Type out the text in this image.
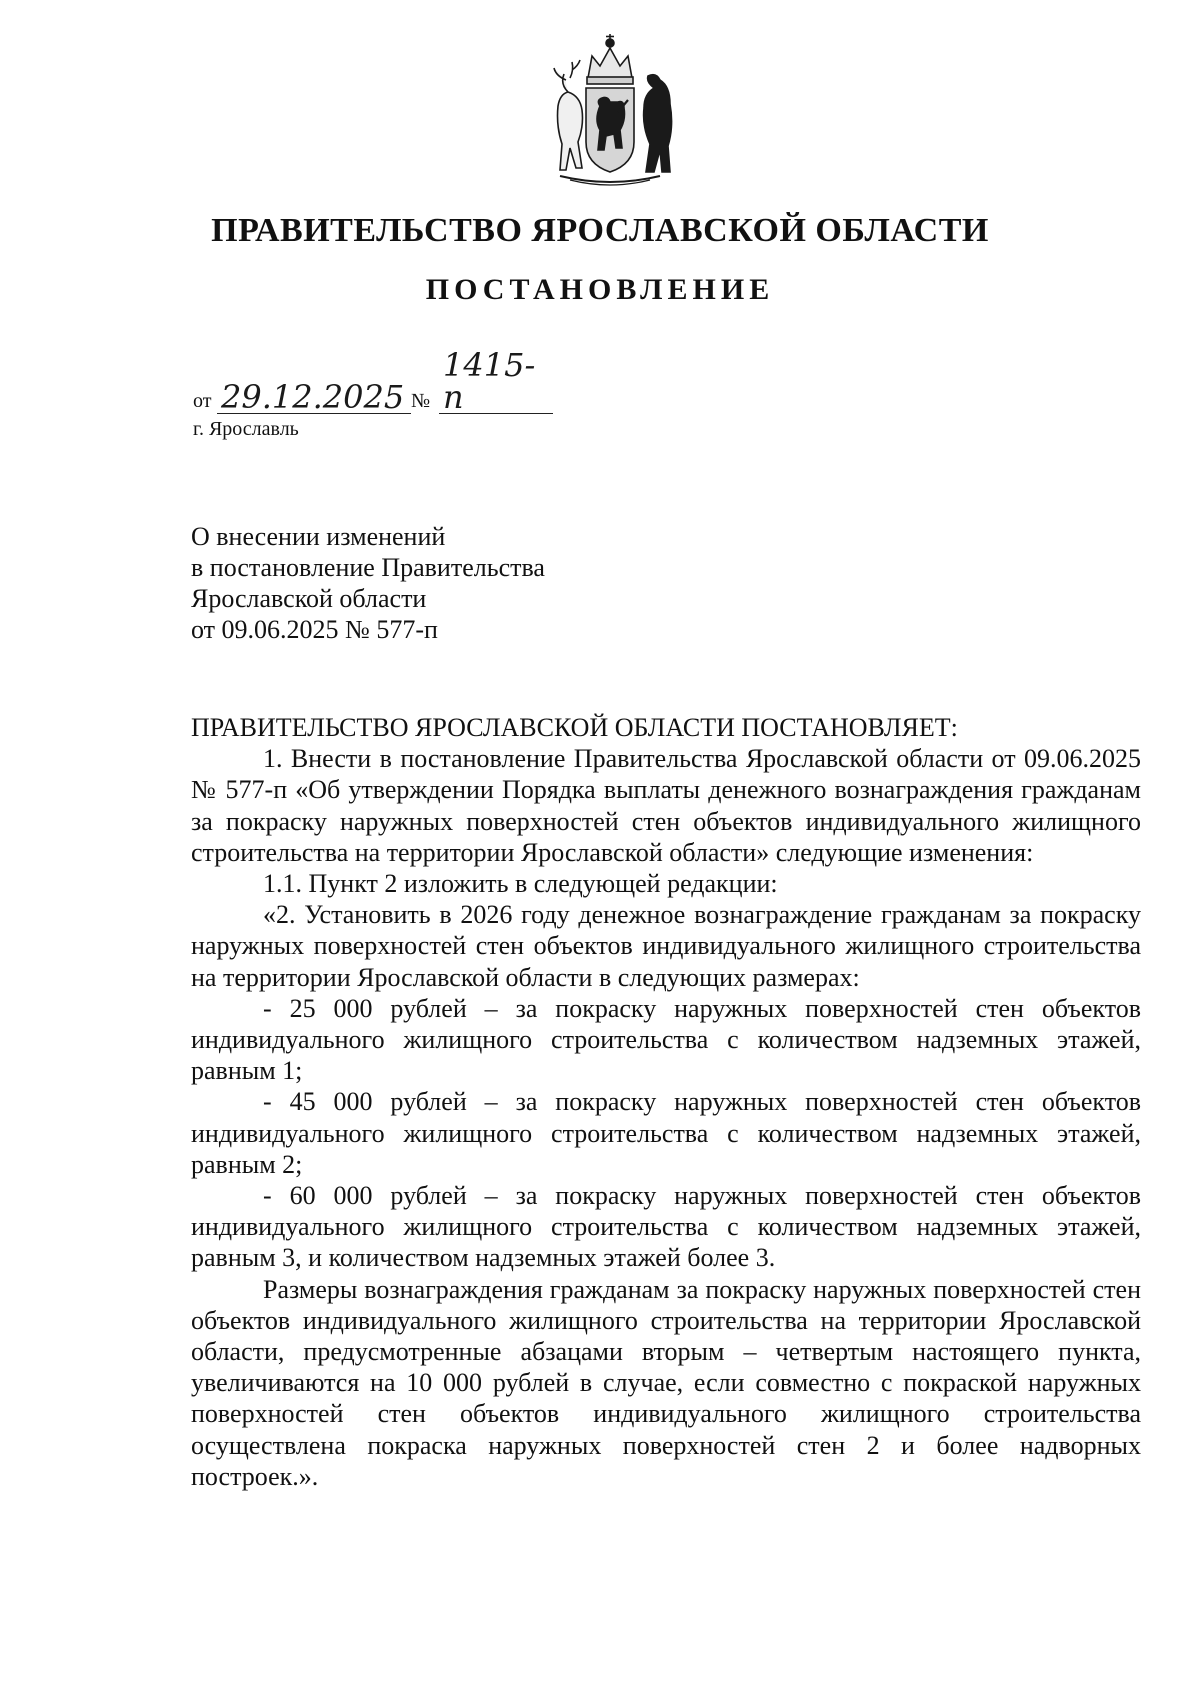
ПРАВИТЕЛЬСТВО ЯРОСЛАВСКОЙ ОБЛАСТИ
ПОСТАНОВЛЕНИЕ
от 29.12.2025 №
1415-п

г. Ярославль

О внесении изменений
в постановление Правительства
Ярославской области
от 09.06.2025 № 577-п

ПРАВИТЕЛЬСТВО ЯРОСЛАВСКОЙ ОБЛАСТИ ПОСТАНОВЛЯЕТ:

1. Внести в постановление Правительства Ярославской области от 09.06.2025 № 577-п «Об утверждении Порядка выплаты денежного вознаграждения гражданам за покраску наружных поверхностей стен объектов индивидуального жилищного строительства на территории Ярославской области» следующие изменения:

1.1. Пункт 2 изложить в следующей редакции:

«2. Установить в 2026 году денежное вознаграждение гражданам за покраску наружных поверхностей стен объектов индивидуального жилищного строительства на территории Ярославской области в следующих размерах:

- 25 000 рублей – за покраску наружных поверхностей стен объектов индивидуального жилищного строительства с количеством надземных этажей, равным 1;

- 45 000 рублей – за покраску наружных поверхностей стен объектов индивидуального жилищного строительства с количеством надземных этажей, равным 2;

- 60 000 рублей – за покраску наружных поверхностей стен объектов индивидуального жилищного строительства с количеством надземных этажей, равным 3, и количеством надземных этажей более 3.

Размеры вознаграждения гражданам за покраску наружных поверхностей стен объектов индивидуального жилищного строительства на территории Ярославской области, предусмотренные абзацами вторым – четвертым настоящего пункта, увеличиваются на 10 000 рублей в случае, если совместно с покраской наружных поверхностей стен объектов индивидуального жилищного строительства осуществлена покраска наружных поверхностей стен 2 и более надворных построек.».
